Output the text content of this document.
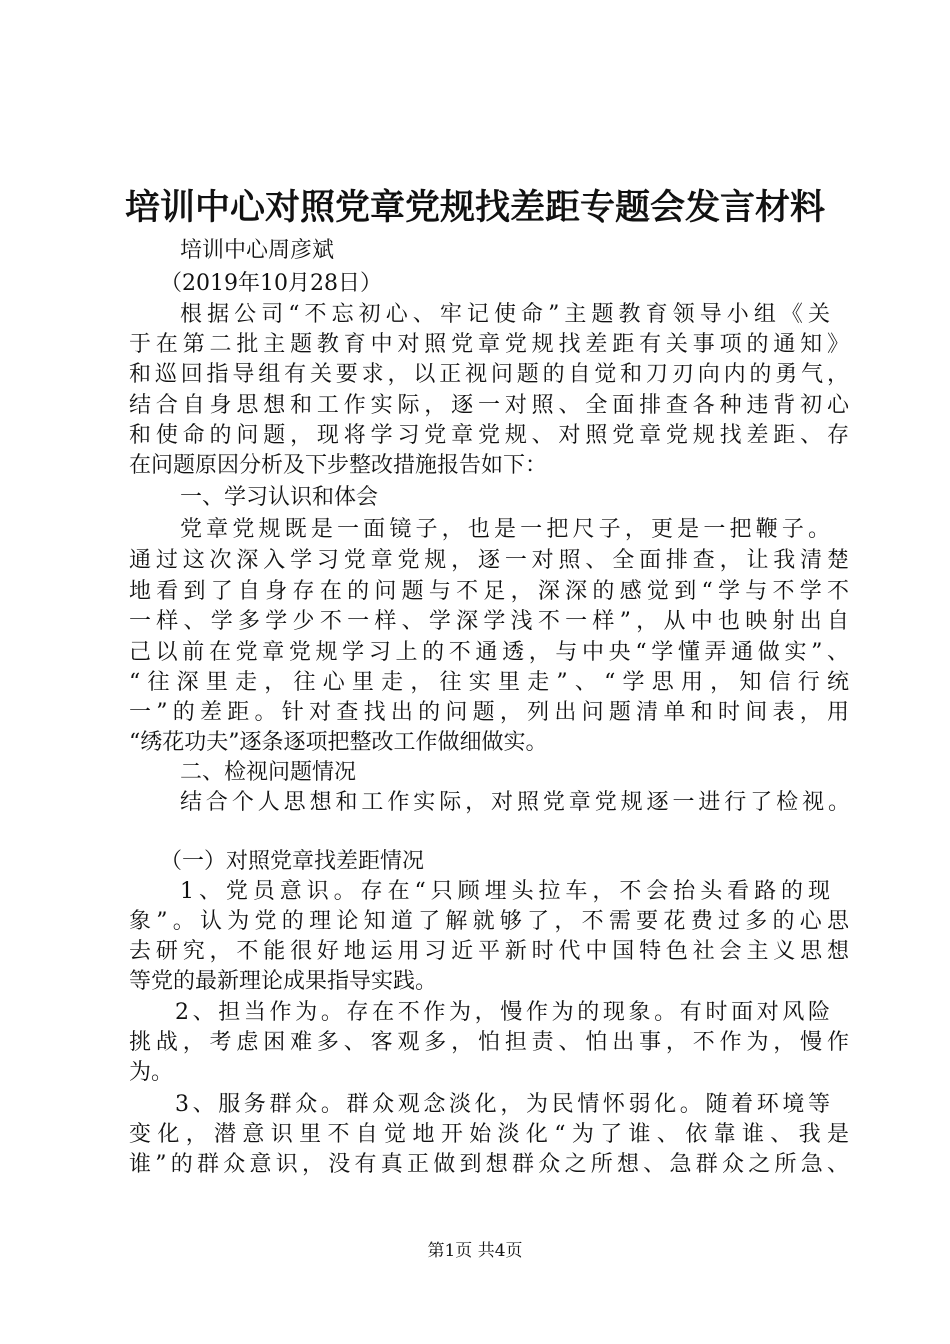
培训中心对照党章党规找差距专题会发言材料
培训中心周彦斌
（2019年10月28日）
根据公司“不忘初心、牢记使命”主题教育领导小组《关
于在第二批主题教育中对照党章党规找差距有关事项的通知》
和巡回指导组有关要求，以正视问题的自觉和刀刃向内的勇气，
结合自身思想和工作实际，逐一对照、全面排查各种违背初心
和使命的问题，现将学习党章党规、对照党章党规找差距、存
在问题原因分析及下步整改措施报告如下：
一、学习认识和体会
党章党规既是一面镜子，也是一把尺子，更是一把鞭子。
通过这次深入学习党章党规，逐一对照、全面排查，让我清楚
地看到了自身存在的问题与不足，深深的感觉到“学与不学不
一样、学多学少不一样、学深学浅不一样”，从中也映射出自
己以前在党章党规学习上的不通透，与中央“学懂弄通做实”、
“往深里走，往心里走，往实里走”、“学思用，知信行统
一”的差距。针对查找出的问题，列出问题清单和时间表，用
“绣花功夫”逐条逐项把整改工作做细做实。
二、检视问题情况
结合个人思想和工作实际，对照党章党规逐一进行了检视。
（一）对照党章找差距情况
1、党员意识。存在“只顾埋头拉车，不会抬头看路的现
象”。认为党的理论知道了解就够了，不需要花费过多的心思
去研究，不能很好地运用习近平新时代中国特色社会主义思想
等党的最新理论成果指导实践。
2、担当作为。存在不作为，慢作为的现象。有时面对风险
挑战，考虑困难多、客观多，怕担责、怕出事，不作为，慢作
为。
3、服务群众。群众观念淡化，为民情怀弱化。随着环境等
变化，潜意识里不自觉地开始淡化“为了谁、依靠谁、我是
谁”的群众意识，没有真正做到想群众之所想、急群众之所急、
第1页 共4页
